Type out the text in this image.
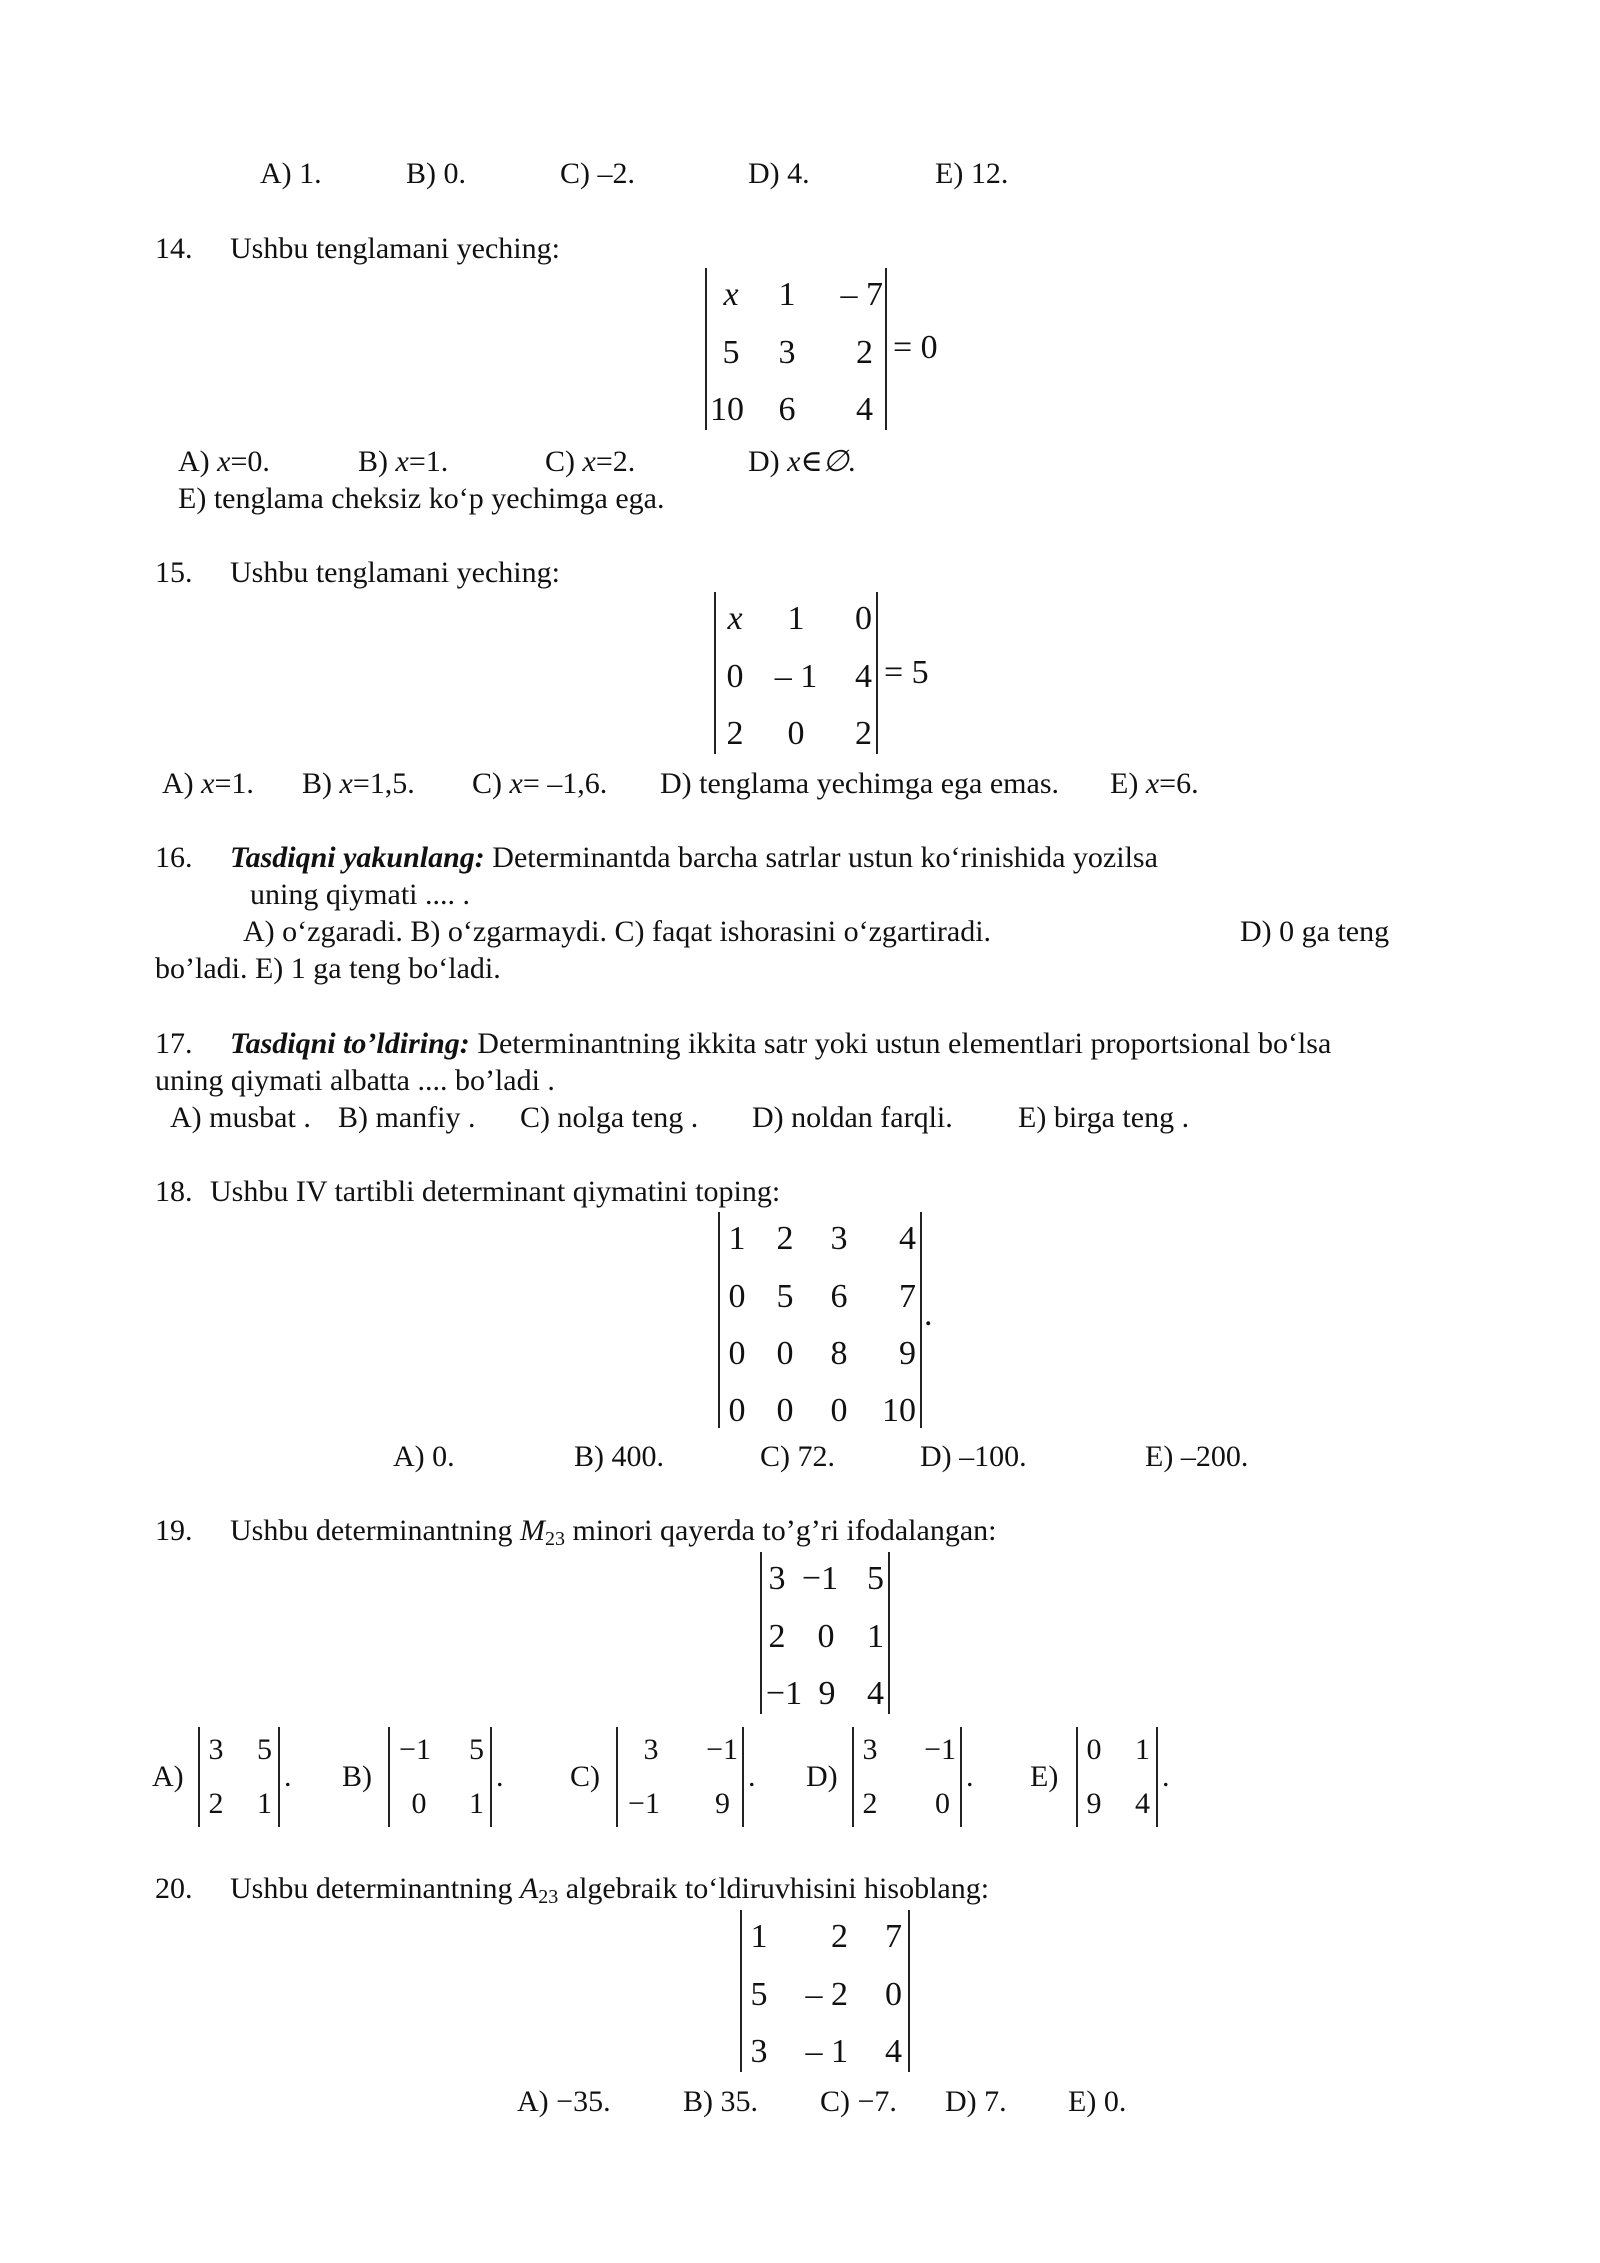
A) 1.	B) 0.	C) –2.	D) 4.	E) 12.
14. Ushbu tenglamani yeching:
x	1	– 7
5 3	2
10 6	4
= 0
A) x=0.	B) x=1.	C) x=2.	D) x∈∅.
E) tenglama cheksiz ko‘p yechimga ega.
15. Ushbu tenglamani yeching:
x	1	0
0 – 1	4
2	0	2
= 5
A) x=1. B) x=1,5. C) x= –1,6. D) tenglama yechimga ega emas. E) x=6.
16. Tasdiqni yakunlang: Determinantda barcha satrlar ustun ko‘rinishida yozilsa
uning qiymati .... .
A) o‘zgaradi. B) o‘zgarmaydi. C) faqat ishorasini o‘zgartiradi.	D) 0 ga teng
bo’ladi. E) 1 ga teng bo‘ladi.
17. Tasdiqni to’ldiring: Determinantning ikkita satr yoki ustun elementlari proportsional bo‘lsa
uning qiymati albatta .... bo’ladi .
A) musbat . B) manfiy . C) nolga teng . D) noldan farqli. E) birga teng .
18. Ushbu IV tartibli determinant qiymatini toping:
1 2 3	4
0 5 6	7
0 0 8	9
0 0 0 10
.
A) 0.	B) 400.	C) 72.	D) –100.	E) –200.
19. Ushbu determinantning $M_{23}$ minori qayerda to’g’ri ifodalangan:
3 −1 5
2 0 1
−1 9 4
A)
3	5
2	1
. B)
−1	5
0	1
. C)
3	−1
−1	9
. D)
3	−1
2	0
. E)
0	1
9	4
.
20. Ushbu determinantning $A_{23}$ algebraik to‘ldiruvhisini hisoblang:
1	2	7
5	– 2	0
3	– 1	4
A) −35. B) 35. C) −7. D) 7. E) 0.
